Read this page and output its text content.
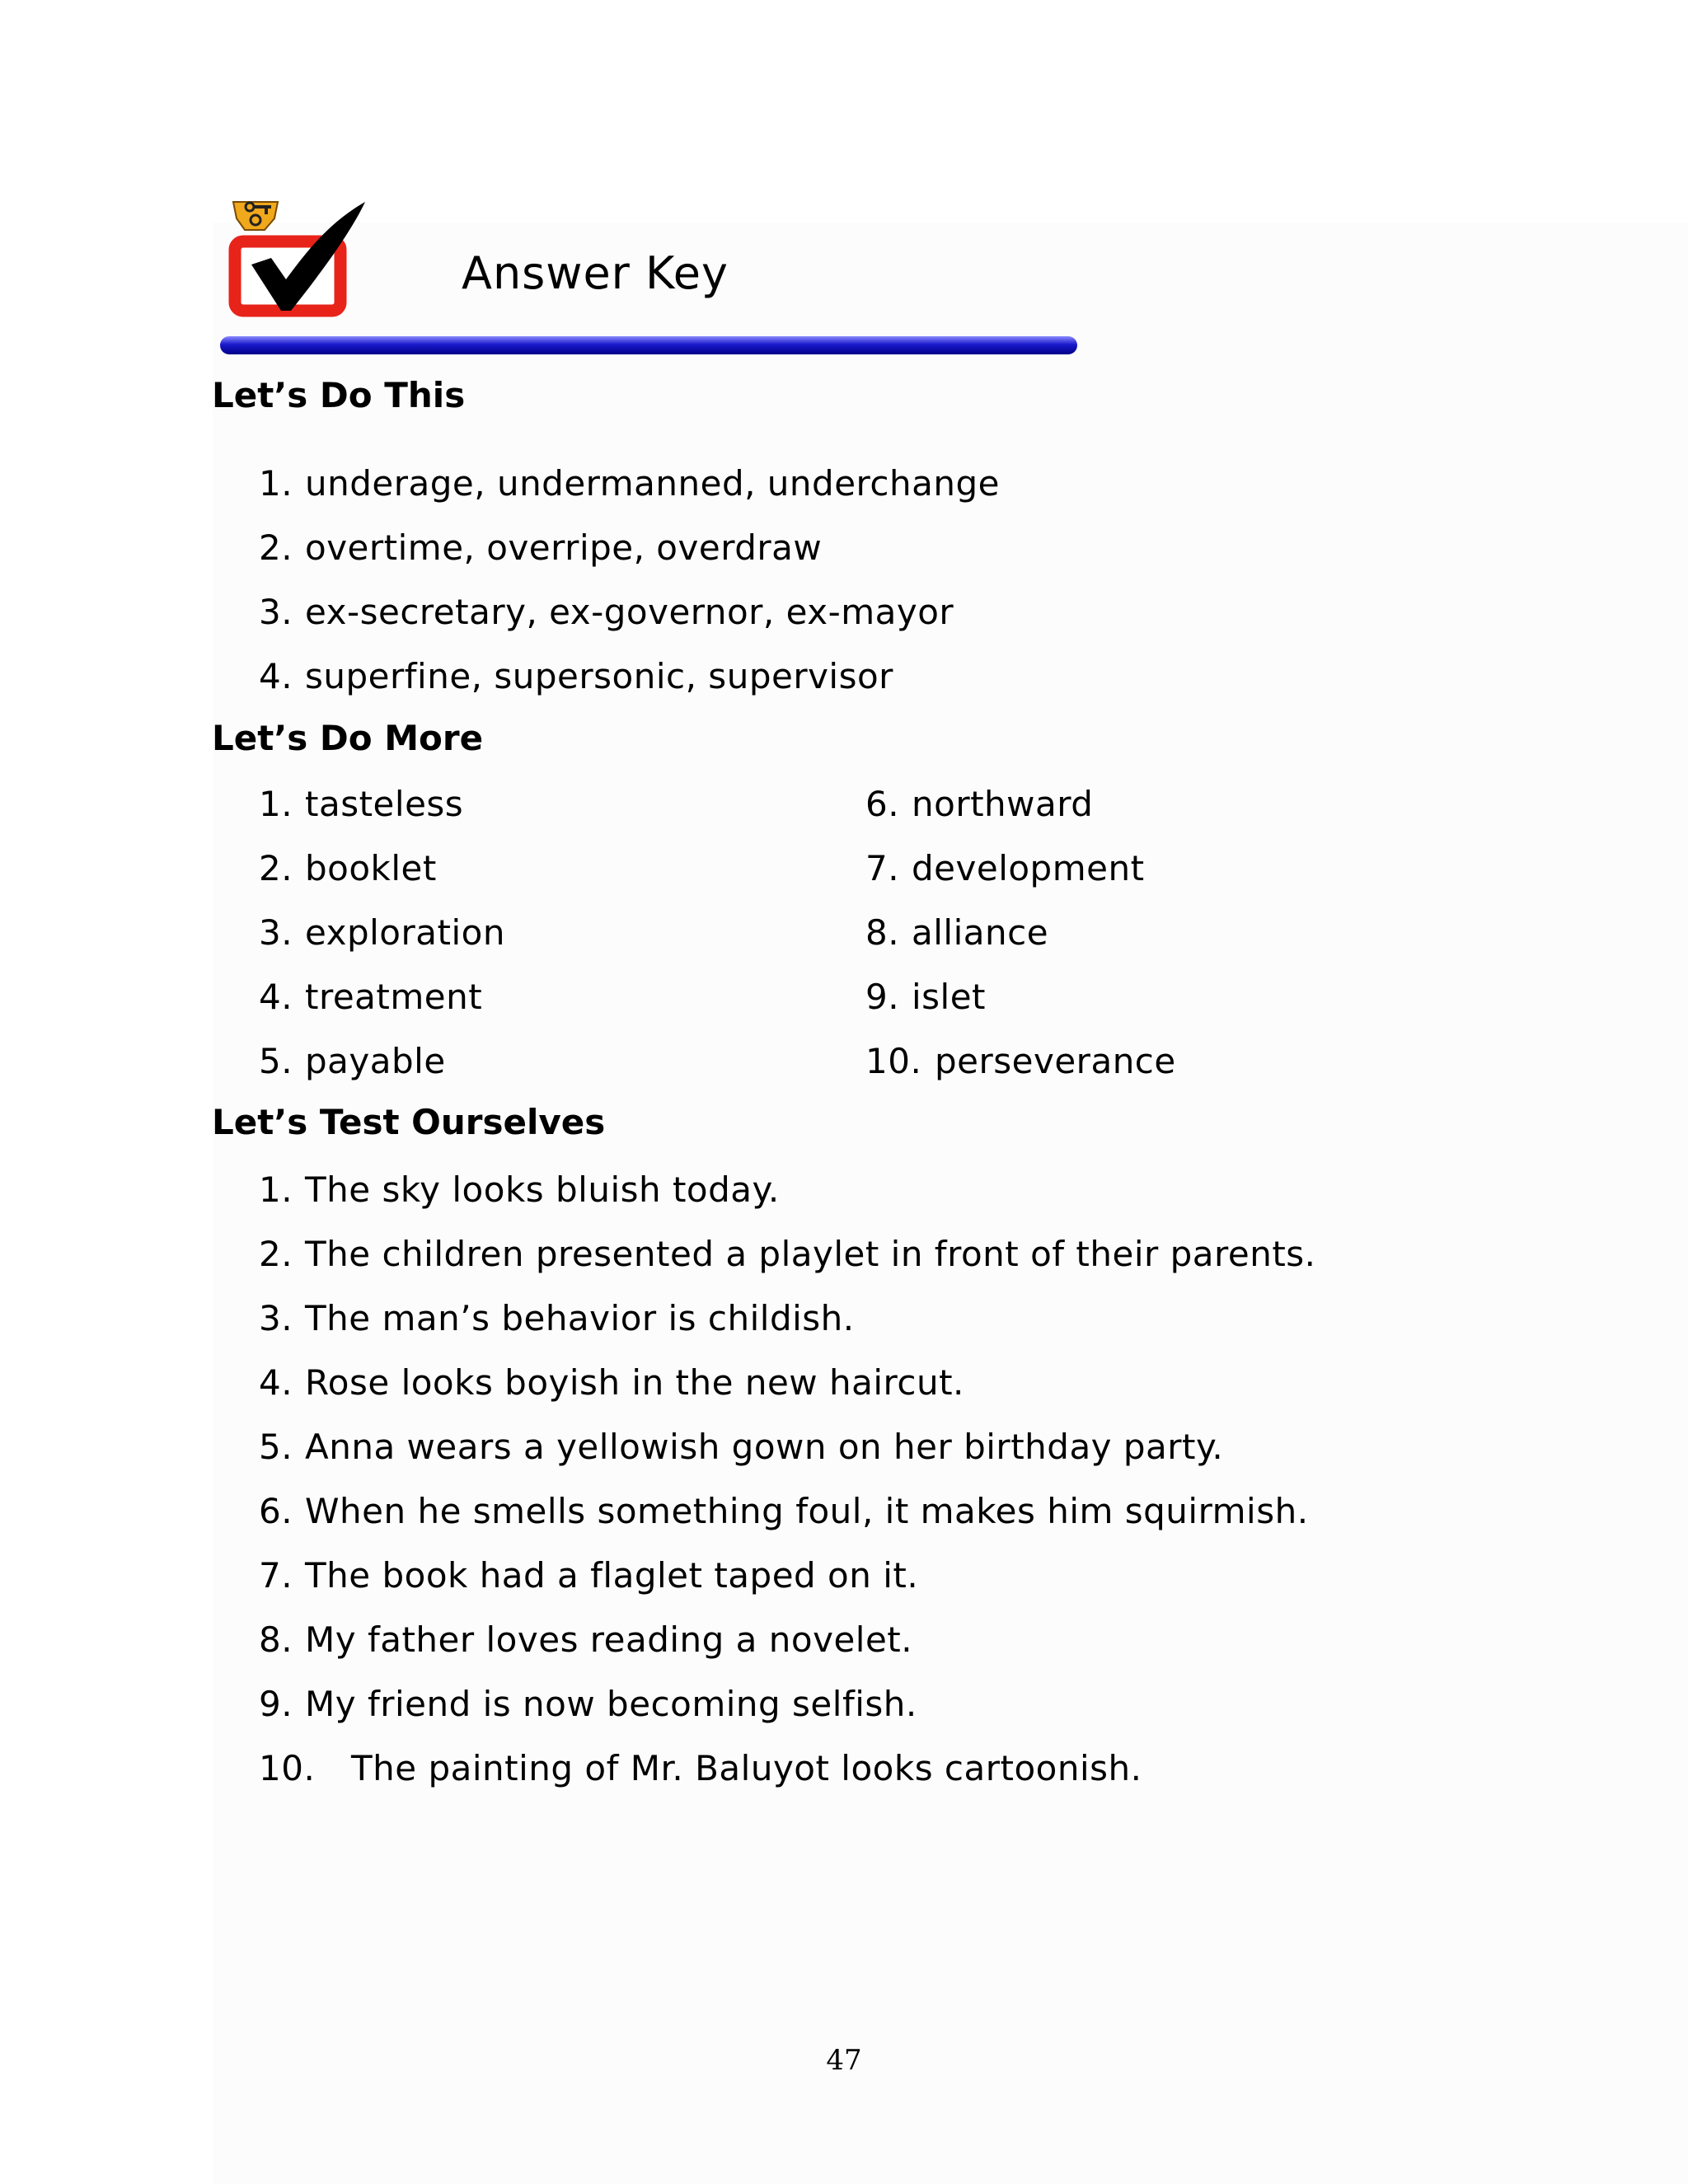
Answer Key
Let’s Do This
1. underage, undermanned, underchange
2. overtime, overripe, overdraw
3. ex-secretary, ex-governor, ex-mayor
4. superfine, supersonic, supervisor
Let’s Do More
1. tasteless
2. booklet
3. exploration
4. treatment
5. payable
6. northward
7. development
8. alliance
9. islet
10. perseverance
Let’s Test Ourselves
1. The sky looks bluish today.
2. The children presented a playlet in front of their parents.
3. The man’s behavior is childish.
4. Rose looks boyish in the new haircut.
5. Anna wears a yellowish gown on her birthday party.
6. When he smells something foul, it makes him squirmish.
7. The book had a flaglet taped on it.
8. My father loves reading a novelet.
9. My friend is now becoming selfish.
10. The painting of Mr. Baluyot looks cartoonish.
47
